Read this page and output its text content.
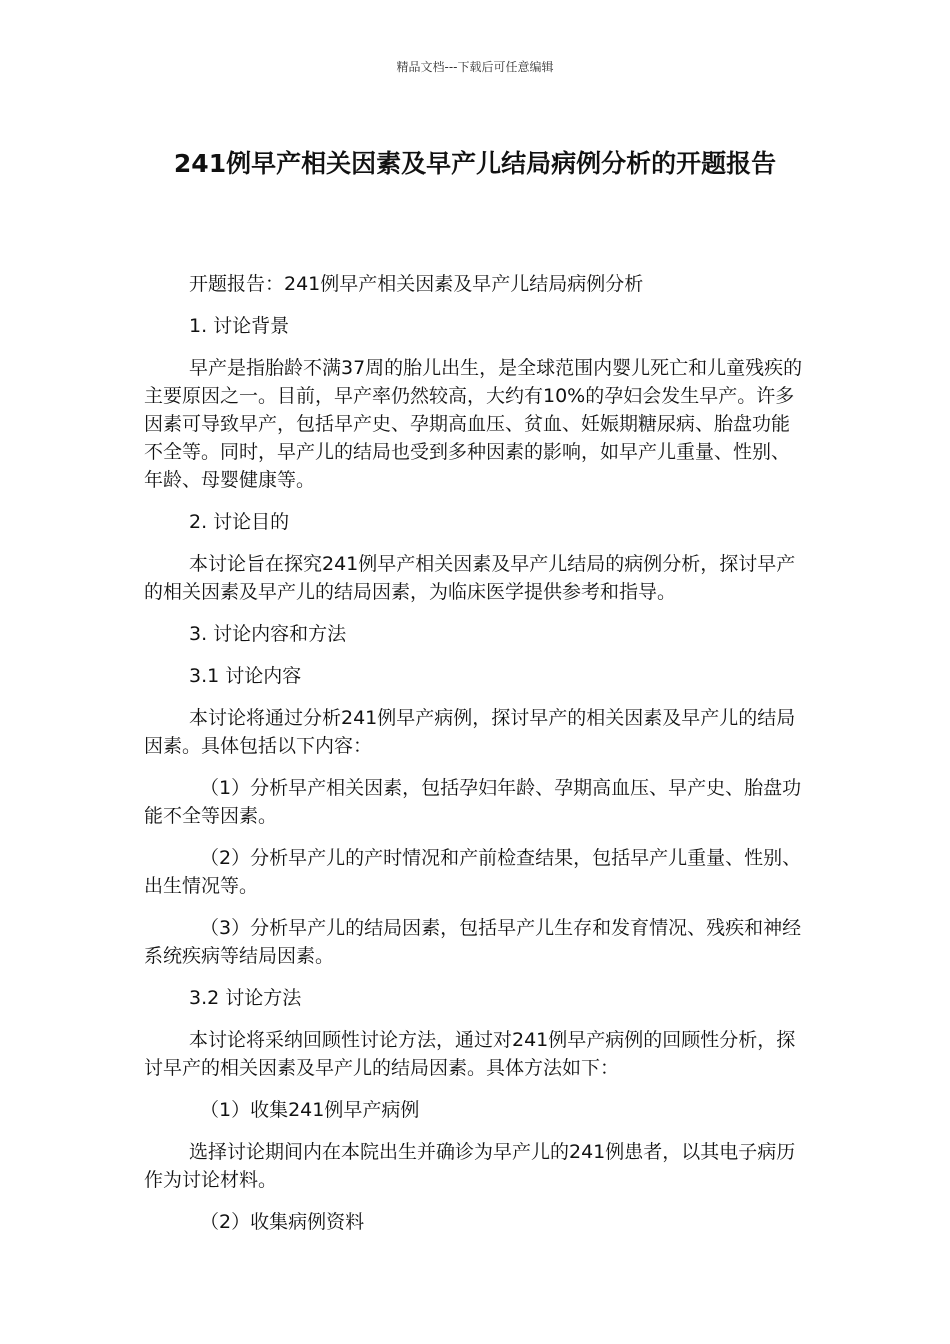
精品文档---下载后可任意编辑
241例早产相关因素及早产儿结局病例分析的开题报告

开题报告：241例早产相关因素及早产儿结局病例分析

1. 讨论背景

早产是指胎龄不满37周的胎儿出生，是全球范围内婴儿死亡和儿童残疾的主要原因之一。目前，早产率仍然较高，大约有10%的孕妇会发生早产。许多因素可导致早产，包括早产史、孕期高血压、贫血、妊娠期糖尿病、胎盘功能不全等。同时，早产儿的结局也受到多种因素的影响，如早产儿重量、性别、年龄、母婴健康等。

2. 讨论目的

本讨论旨在探究241例早产相关因素及早产儿结局的病例分析，探讨早产的相关因素及早产儿的结局因素，为临床医学提供参考和指导。

3. 讨论内容和方法

3.1 讨论内容

本讨论将通过分析241例早产病例，探讨早产的相关因素及早产儿的结局因素。具体包括以下内容：

（1）分析早产相关因素，包括孕妇年龄、孕期高血压、早产史、胎盘功能不全等因素。

（2）分析早产儿的产时情况和产前检查结果，包括早产儿重量、性别、出生情况等。

（3）分析早产儿的结局因素，包括早产儿生存和发育情况、残疾和神经系统疾病等结局因素。

3.2 讨论方法

本讨论将采纳回顾性讨论方法，通过对241例早产病例的回顾性分析，探讨早产的相关因素及早产儿的结局因素。具体方法如下：

（1）收集241例早产病例

选择讨论期间内在本院出生并确诊为早产儿的241例患者，以其电子病历作为讨论材料。

（2）收集病例资料
